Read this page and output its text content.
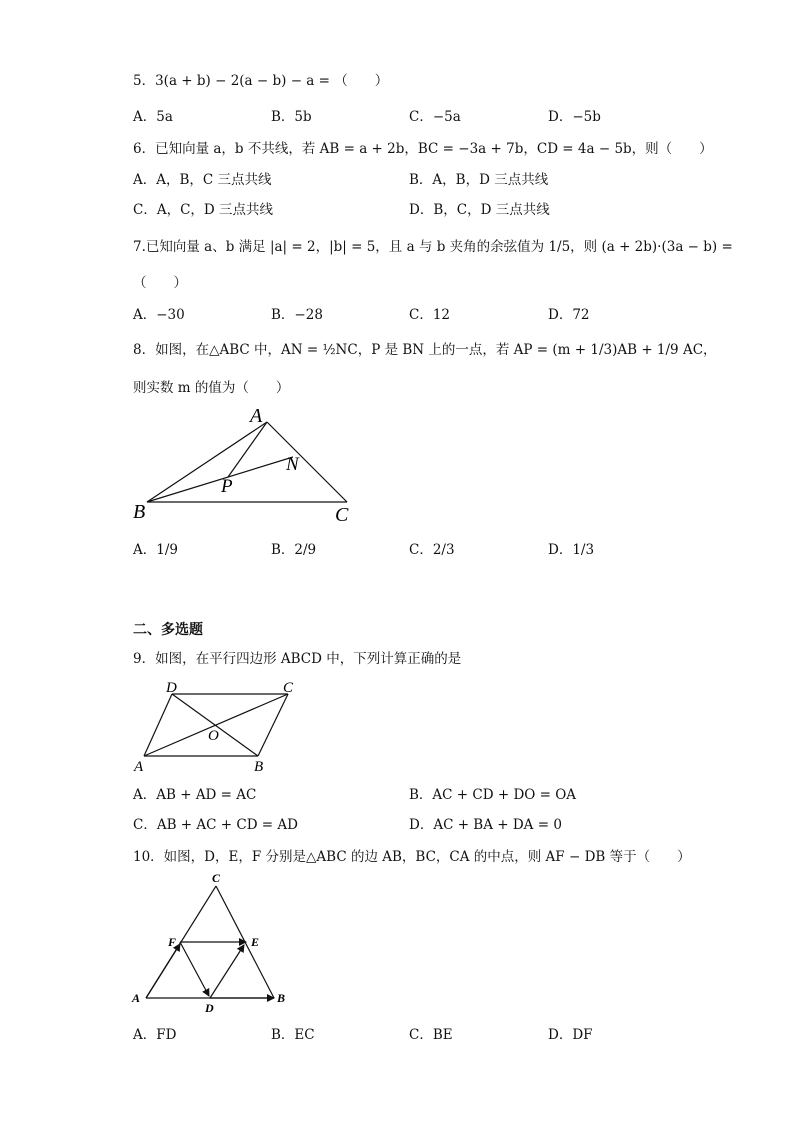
5．3(a + b) − 2(a − b) − a = （　　）
A．5a	B．5b	C．−5a	D．−5b
6．已知向量 a，b 不共线，若 AB = a + 2b，BC = −3a + 7b，CD = 4a − 5b，则（　　）
A．A，B，C 三点共线	B．A，B，D 三点共线
C．A，C，D 三点共线	D．B，C，D 三点共线
7.已知向量 a、b 满足 |a| = 2，|b| = 5，且 a 与 b 夹角的余弦值为 1/5，则 (a + 2b)·(3a − b) =
（　　）
A．−30	B．−28	C．12	D．72
8．如图，在△ABC 中，AN = ½NC，P 是 BN 上的一点，若 AP = (m + 1/3)AB + 1/9 AC，
则实数 m 的值为（　　）
A
B	C
N
P
A．1/9	B．2/9	C．2/3	D．1/3
二、多选题
9．如图，在平行四边形 ABCD 中，下列计算正确的是
A	B
C
D
O
A．AB + AD = AC	B．AC + CD + DO = OA
C．AB + AC + CD = AD	D．AC + BA + DA = 0
10．如图，D，E，F 分别是△ABC 的边 AB，BC，CA 的中点，则 AF − DB 等于（　　）
C
A	B
D
E
F
A．FD	B．EC	C．BE	D．DF
